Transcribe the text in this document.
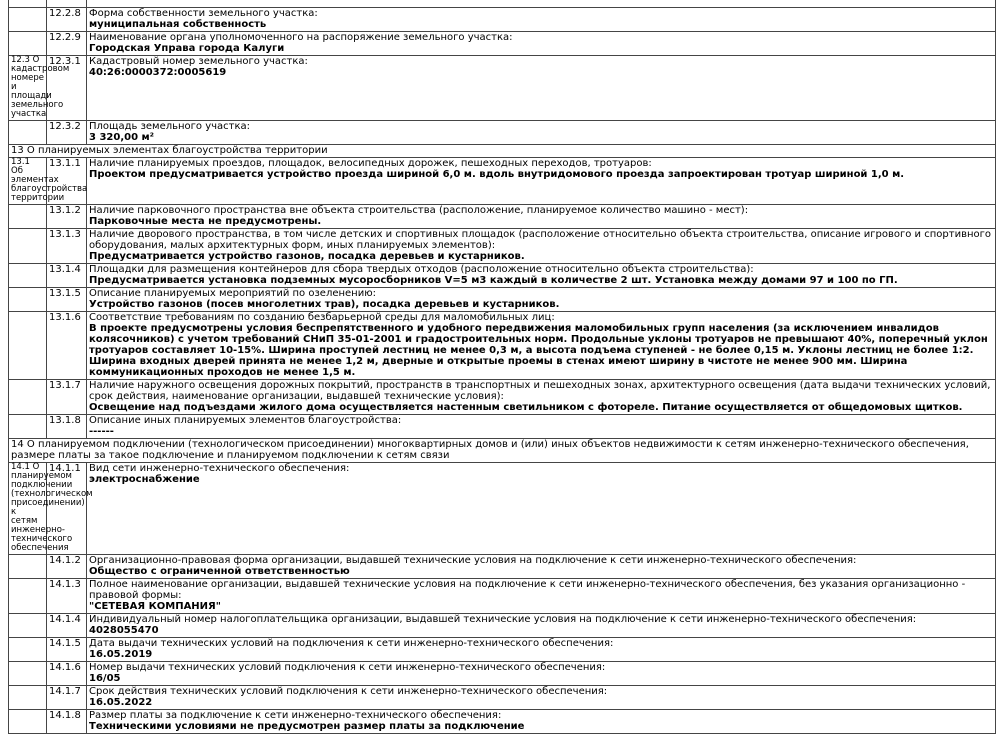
	12.2.8	Форма собственности земельного участка:
муниципальная собственность

	12.2.9	Наименование органа уполномоченного на распоряжение земельного участка:
Городская Управа города Калуги

12.3 О кадастровом номере и площади земельного участка	12.3.1	Кадастровый номер земельного участка:
40:26:0000372:0005619

	12.3.2	Площадь земельного участка:
3 320,00 м²

13 О планируемых элементах благоустройства территории		
13.1 Об элементах благоустройства территории	13.1.1	Наличие планируемых проездов, площадок, велосипедных дорожек, пешеходных переходов, тротуаров:
Проектом предусматривается устройство проезда шириной 6,0 м. вдоль внутридомового проезда запроектирован тротуар шириной 1,0 м.

	13.1.2	Наличие парковочного пространства вне объекта строительства (расположение, планируемое количество машино - мест):
Парковочные места не предусмотрены.

	13.1.3	Наличие дворового пространства, в том числе детских и спортивных площадок (расположение относительно объекта строительства, описание игрового и спортивного оборудования, малых архитектурных форм, иных планируемых элементов):
Предусматривается устройство газонов, посадка деревьев и кустарников.

	13.1.4	Площадки для размещения контейнеров для сбора твердых отходов (расположение относительно объекта строительства):
Предусматривается установка подземных мусоросборников V=5 м3 каждый в количестве 2 шт. Установка между домами 97 и 100 по ГП.

	13.1.5	Описание планируемых мероприятий по озеленению:
Устройство газонов (посев многолетних трав), посадка деревьев и кустарников.

	13.1.6	Соответствие требованиям по созданию безбарьерной среды для маломобильных лиц:
В проекте предусмотрены условия беспрепятственного и удобного передвижения маломобильных групп населения (за исключением инвалидов колясочников) с учетом требований СНиП 35-01-2001 и градостроительных норм. Продольные уклоны тротуаров не превышают 40%, поперечный уклон тротуаров составляет 10-15%. Ширина проступей лестниц не менее 0,3 м, а высота подъема ступеней - не более 0,15 м. Уклоны лестниц не более 1:2. Ширина входных дверей принята не менее 1,2 м, дверные и открытые проемы в стенах имеют ширину в чистоте не менее 900 мм. Ширина коммуникационных проходов не менее 1,5 м.

	13.1.7	Наличие наружного освещения дорожных покрытий, пространств в транспортных и пешеходных зонах, архитектурного освещения (дата выдачи технических условий, срок действия, наименование организации, выдавшей технические условия):
Освещение над подъездами жилого дома осуществляется настенным светильником с фотореле. Питание осуществляется от общедомовых щитков.

	13.1.8	Описание иных планируемых элементов благоустройства:
------

14 О планируемом подключении (технологическом присоединении) многоквартирных домов и (или) иных объектов недвижимости к сетям инженерно-технического обеспечения, размере платы за такое подключение и планируемом подключении к сетям связи		
14.1 О планируемом подключении (технологическом присоединении) к сетям инженерно-технического обеспечения	14.1.1	Вид сети инженерно-технического обеспечения:
электроснабжение

	14.1.2	Организационно-правовая форма организации, выдавшей технические условия на подключение к сети инженерно-технического обеспечения:
Общество с ограниченной ответственностью

	14.1.3	Полное наименование организации, выдавшей технические условия на подключение к сети инженерно-технического обеспечения, без указания организационно - правовой формы:
"СЕТЕВАЯ КОМПАНИЯ"

	14.1.4	Индивидуальный номер налогоплательщика организации, выдавшей технические условия на подключение к сети инженерно-технического обеспечения:
4028055470

	14.1.5	Дата выдачи технических условий на подключения к сети инженерно-технического обеспечения:
16.05.2019

	14.1.6	Номер выдачи технических условий подключения к сети инженерно-технического обеспечения:
16/05

	14.1.7	Срок действия технических условий подключения к сети инженерно-технического обеспечения:
16.05.2022

	14.1.8	Размер платы за подключение к сети инженерно-технического обеспечения:
Техническими условиями не предусмотрен размер платы за подключение
